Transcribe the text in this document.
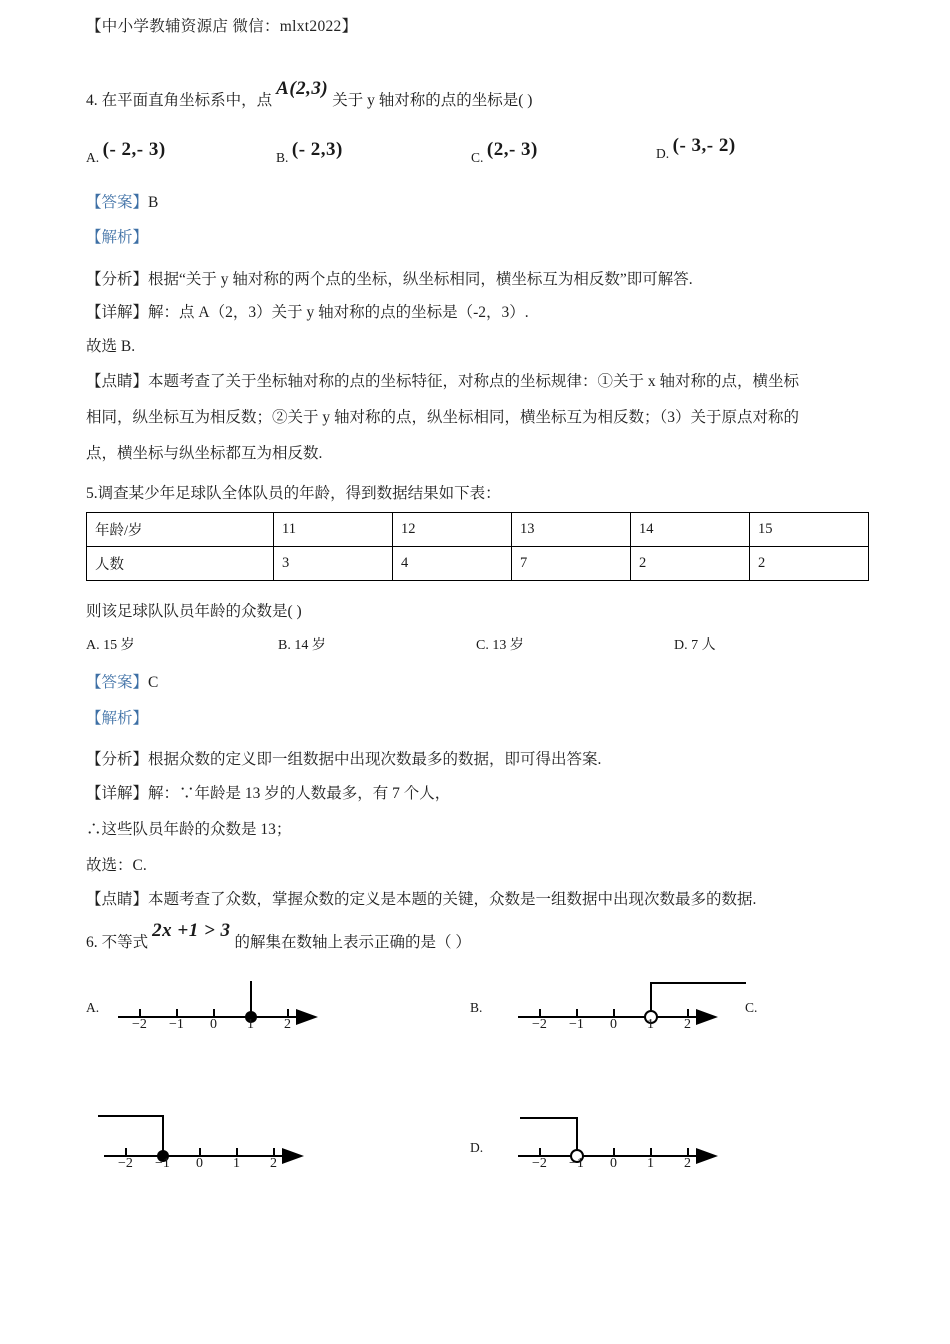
【中小学教辅资源店 微信：mlxt2022】
4. 在平面直角坐标系中，点 A(2,3) 关于 y 轴对称的点的坐标是( )
A. (- 2,- 3)	B. (- 2,3)	C. (2,- 3)	D. (- 3,- 2)
【答案】B
【解析】
【分析】根据“关于 y 轴对称的两个点的坐标，纵坐标相同，横坐标互为相反数”即可解答.
【详解】解：点 A（2，3）关于 y 轴对称的点的坐标是（-2，3）.
故选 B.
【点睛】本题考查了关于坐标轴对称的点的坐标特征，对称点的坐标规律：①关于 x 轴对称的点，横坐标
相同，纵坐标互为相反数；②关于 y 轴对称的点，纵坐标相同，横坐标互为相反数；（3）关于原点对称的
点，横坐标与纵坐标都互为相反数.
5.调查某少年足球队全体队员的年龄，得到数据结果如下表：
年龄/岁	11	12	13	14	15
人数	3	4	7	2	2
则该足球队队员年龄的众数是( )
A. 15 岁	B. 14 岁	C. 13 岁	D. 7 人
【答案】C
【解析】
【分析】根据众数的定义即一组数据中出现次数最多的数据，即可得出答案.
【详解】解：∵年龄是 13 岁的人数最多，有 7 个人，
∴这些队员年龄的众数是 13；
故选：C.
【点睛】本题考查了众数，掌握众数的定义是本题的关键，众数是一组数据中出现次数最多的数据.
6. 不等式 2x +1 > 3 的解集在数轴上表示正确的是（ ）
A.
−2 −1 0 1 2
B.
−2 −1 0 1 2
C.
−2 −1 0 1 2
D.
−2 −1 0 1 2
